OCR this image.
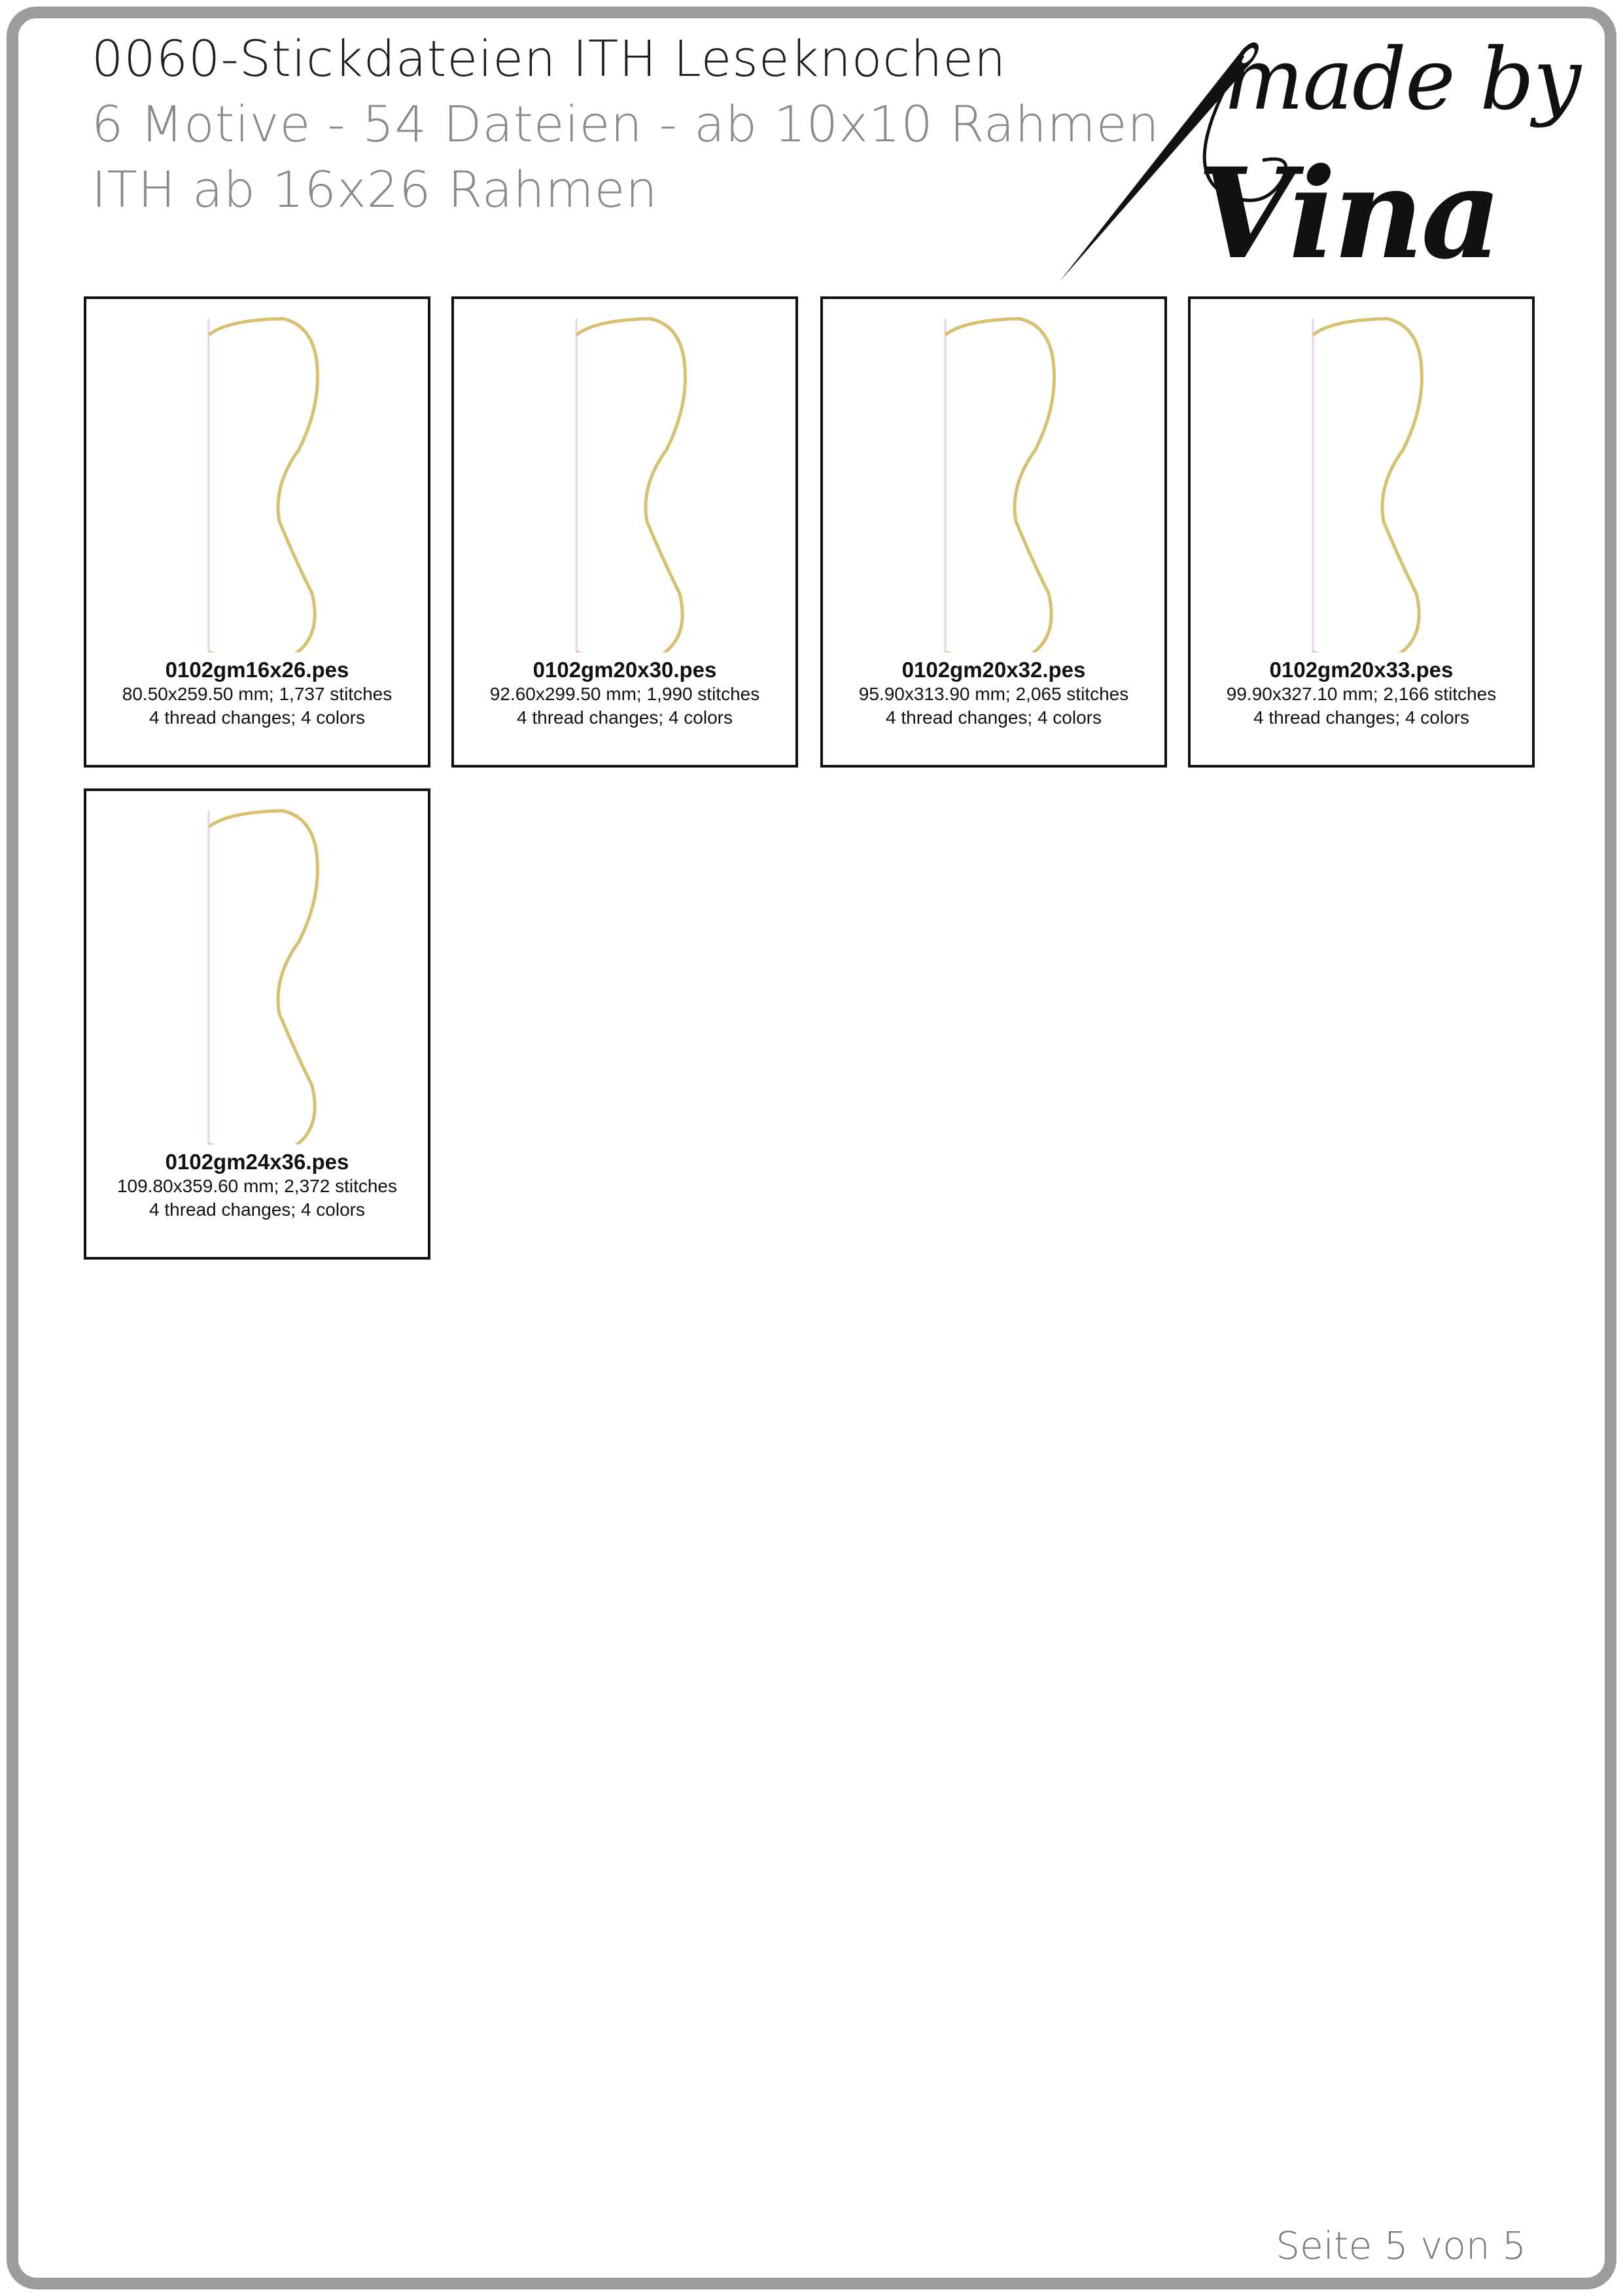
0060-Stickdateien ITH Leseknochen
6 Motive - 54 Dateien - ab 10x10 Rahmen
ITH ab 16x26 Rahmen
made by
Vina
0102gm16x26.pes
80.50x259.50 mm; 1,737 stitches
4 thread changes; 4 colors
0102gm20x30.pes
92.60x299.50 mm; 1,990 stitches
4 thread changes; 4 colors
0102gm20x32.pes
95.90x313.90 mm; 2,065 stitches
4 thread changes; 4 colors
0102gm20x33.pes
99.90x327.10 mm; 2,166 stitches
4 thread changes; 4 colors
0102gm24x36.pes
109.80x359.60 mm; 2,372 stitches
4 thread changes; 4 colors
Seite 5 von 5
